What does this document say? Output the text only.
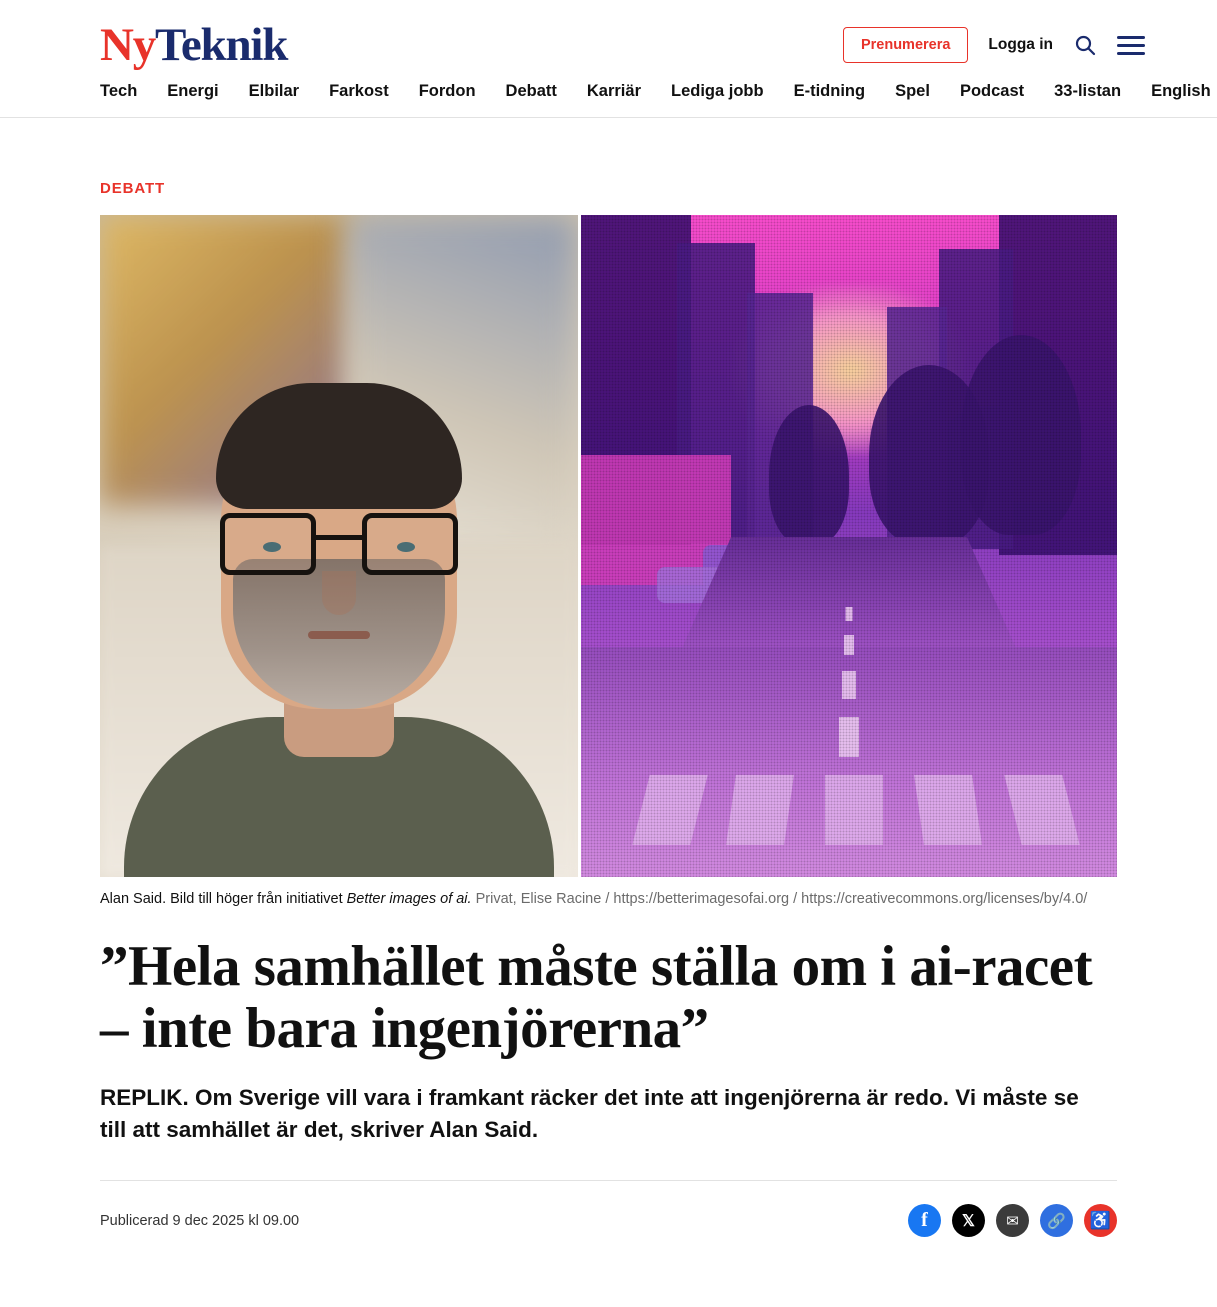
NyTeknik	Prenumerera	Logga in
Tech Energi Elbilar Farkost Fordon Debatt Karriär Lediga jobb E-tidning Spel Podcast 33-listan English
DEBATT
Alan Said. Bild till höger från initiativet Better images of ai. Privat, Elise Racine / https://betterimagesofai.org / https://creativecommons.org/licenses/by/4.0/
”Hela samhället måste ställa om i ai-racet – inte bara ingenjörerna”

REPLIK. Om Sverige vill vara i framkant räcker det inte att ingenjörerna är redo. Vi måste se till att samhället är det, skriver Alan Said.

Publicerad 9 dec 2025 kl 09.00	f	𝕏	✉	🔗	♿
